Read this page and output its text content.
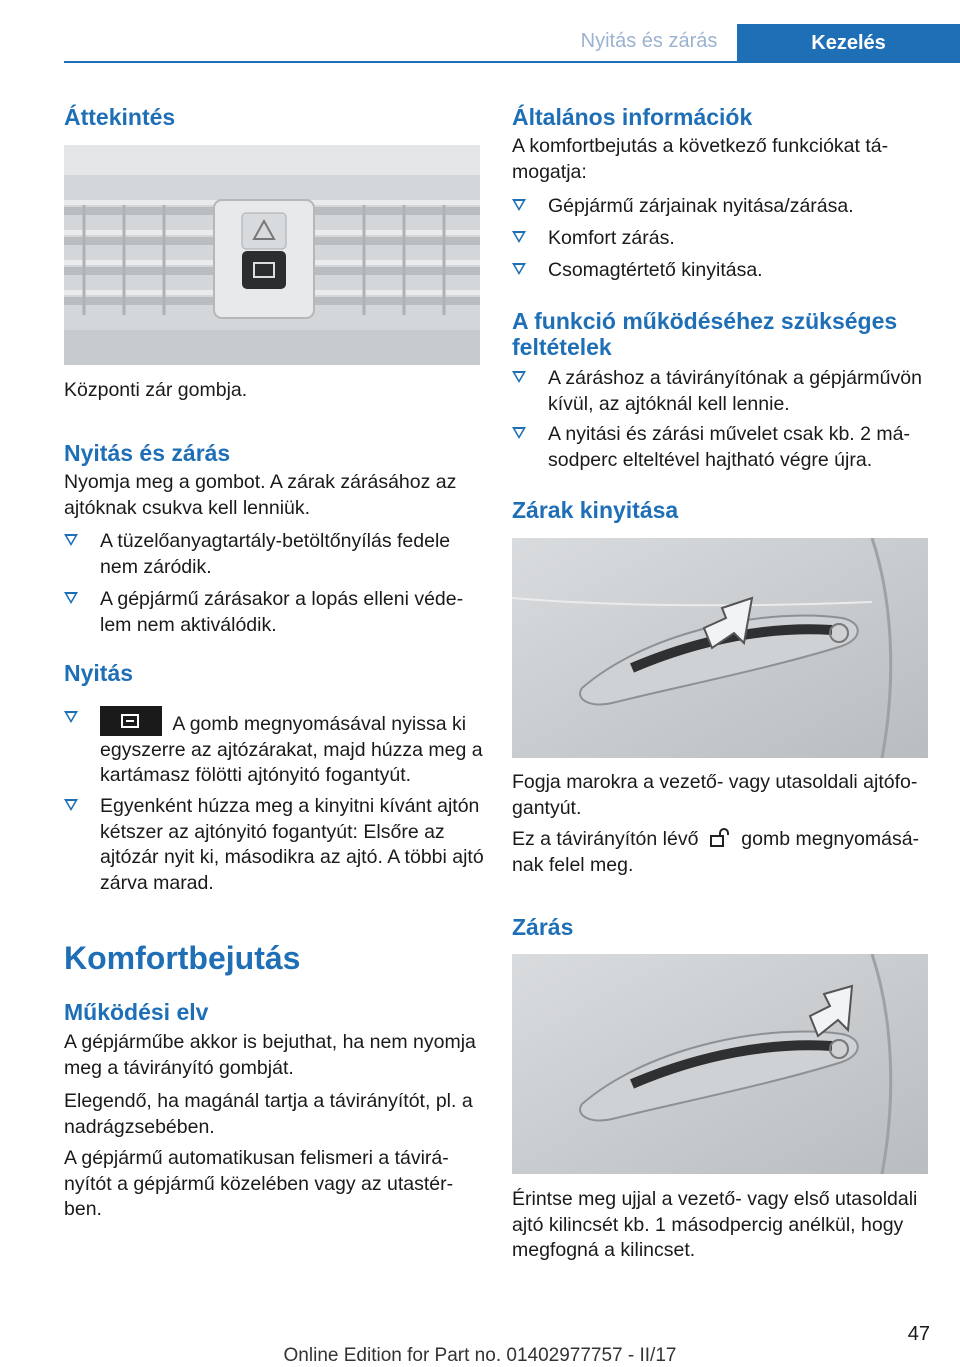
Nyitás és zárás	Kezelés
Áttekintés

Központi zár gombja.

Nyitás és zárás

Nyomja meg a gombot. A zárak zárásához az ajtóknak csukva kell lenniük.

A tüzelőanyagtartály-betöltőnyílás fedele nem záródik.
A gépjármű zárásakor a lopás elleni védelem nem aktiválódik.
Nyitás
A gomb megnyomásával nyissa ki egyszerre az ajtózárakat, majd húzza meg a kartámasz fölötti ajtónyitó fogantyút.
Egyenként húzza meg a kinyitni kívánt ajtón kétszer az ajtónyitó fogantyút: Elsőre az ajtózár nyit ki, másodikra az ajtó. A többi ajtó zárva marad.
Komfortbejutás
Működési elv

A gépjárműbe akkor is bejuthat, ha nem nyomja meg a távirányító gombját.

Elegendő, ha magánál tartja a távirányítót, pl. a nadrágzsebében.

A gépjármű automatikusan felismeri a távirányítót a gépjármű közelében vagy az utastérben.

Általános információk

A komfortbejutás a következő funkciókat támogatja:

Gépjármű zárjainak nyitása/zárása.
Komfort zárás.
Csomagtértető kinyitása.
A funkció működéséhez szükséges feltételek
A záráshoz a távirányítónak a gépjárművön kívül, az ajtóknál kell lennie.
A nyitási és zárási művelet csak kb. 2 másodperc elteltével hajtható végre újra.
Zárak kinyitása

Fogja marokra a vezető- vagy utasoldali ajtófogantyút.

Ez a távirányítón lévő gomb megnyomásának felel meg.

Zárás

Érintse meg ujjal a vezető- vagy első utasoldali ajtó kilincsét kb. 1 másodpercig anélkül, hogy megfogná a kilincset.

47
Online Edition for Part no. 01402977757 - II/17
